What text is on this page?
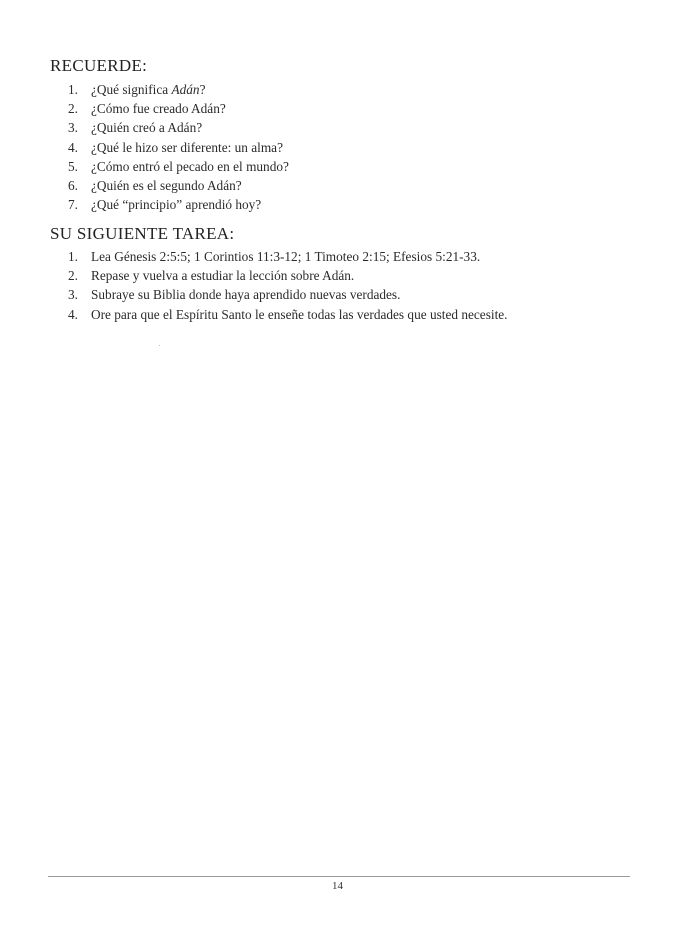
RECUERDE:
1. ¿Qué significa Adán?
2. ¿Cómo fue creado Adán?
3. ¿Quién creó a Adán?
4. ¿Qué le hizo ser diferente: un alma?
5. ¿Cómo entró el pecado en el mundo?
6. ¿Quién es el segundo Adán?
7. ¿Qué “principio” aprendió hoy?
SU SIGUIENTE TAREA:
1. Lea Génesis 2:5:5; 1 Corintios 11:3-12; 1 Timoteo 2:15; Efesios 5:21-33.
2. Repase y vuelva a estudiar la lección sobre Adán.
3. Subraye su Biblia donde haya aprendido nuevas verdades.
4. Ore para que el Espíritu Santo le enseñe todas las verdades que usted necesite.
14
